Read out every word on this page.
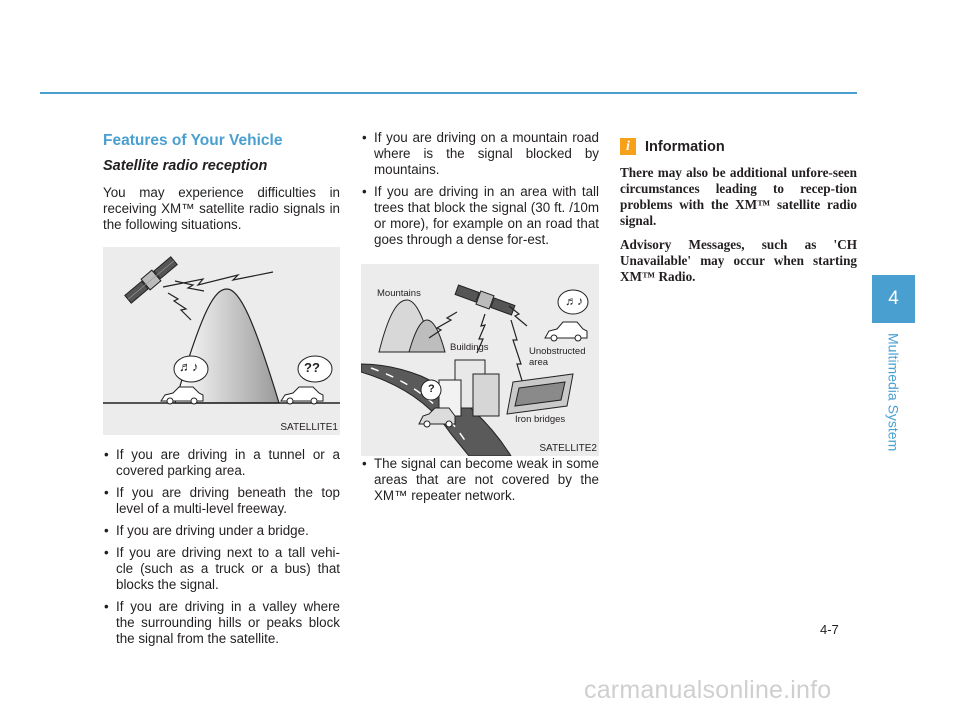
Features of Your Vehicle
Satellite radio reception

You may experience difficulties in receiving XM™ satellite radio signals in the following situations.

♬♪	??
SATELLITE1
• If you are driving in a tunnel or a covered parking area.
• If you are driving beneath the top level of a multi-level freeway.
• If you are driving under a bridge.
• If you are driving next to a tall vehi-cle (such as a truck or a bus) that blocks the signal.
• If you are driving in a valley where the surrounding hills or peaks block the signal from the satellite.
• If you are driving on a mountain road where is the signal blocked by mountains.
• If you are driving in an area with tall trees that block the signal (30 ft. /10m or more), for example on an road that goes through a dense for-est.
Mountains
Buildings	Unobstructed area
Iron bridges
♬♪
?
SATELLITE2
• The signal can become weak in some areas that are not covered by the XM™ repeater network.
i	Information

There may also be additional unfore-seen circumstances leading to recep-tion problems with the XM™ satellite radio signal.

Advisory Messages, such as 'CH Unavailable' may occur when starting XM™ Radio.

4
Multimedia System
4-7
carmanualsonline.info
